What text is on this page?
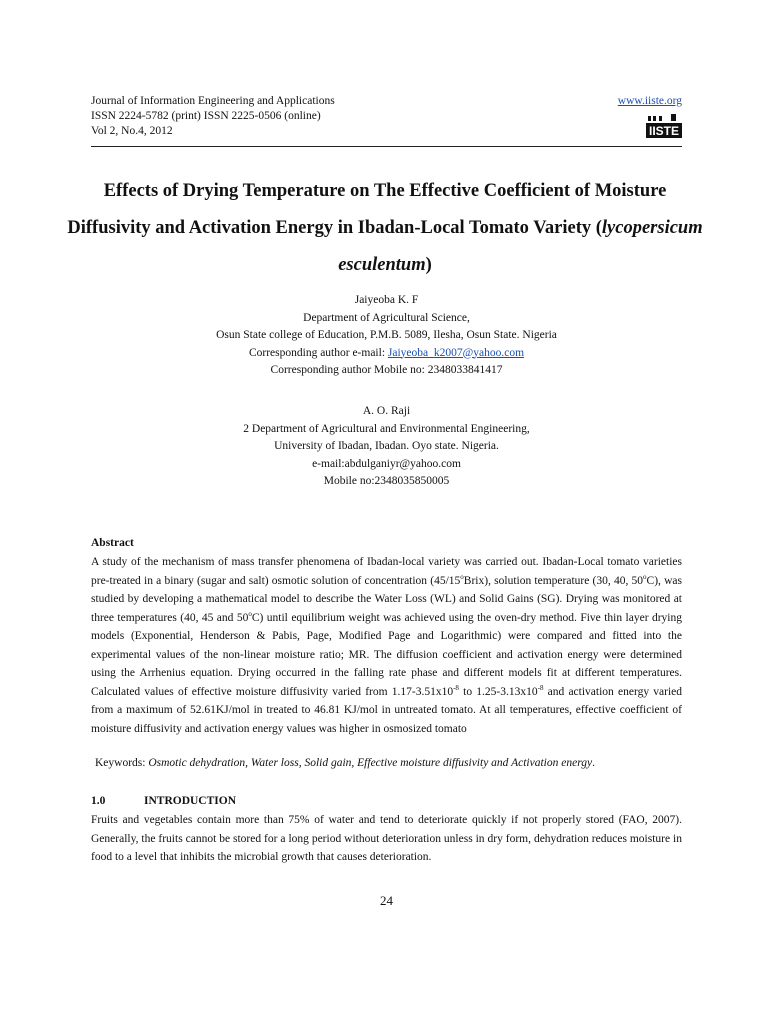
Journal of Information Engineering and Applications
ISSN 2224-5782 (print) ISSN 2225-0506 (online)
Vol 2, No.4, 2012
www.iiste.org
IISTE
Effects of Drying Temperature on The Effective Coefficient of Moisture Diffusivity and Activation Energy in Ibadan-Local Tomato Variety (lycopersicum esculentum)
Jaiyeoba K. F
Department of Agricultural Science,
Osun State college of Education, P.M.B. 5089, Ilesha, Osun State. Nigeria
Corresponding author e-mail: Jaiyeoba_k2007@yahoo.com
Corresponding author Mobile no: 2348033841417
A. O. Raji
2 Department of Agricultural and Environmental Engineering,
University of Ibadan, Ibadan. Oyo state. Nigeria.
e-mail:abdulganiyr@yahoo.com
Mobile no:2348035850005
Abstract
A study of the mechanism of mass transfer phenomena of Ibadan-local variety was carried out. Ibadan-Local tomato varieties pre-treated in a binary (sugar and salt) osmotic solution of concentration (45/15$^o$Brix), solution temperature (30, 40, 50$^o$C), was studied by developing a mathematical model to describe the Water Loss (WL) and Solid Gains (SG). Drying was monitored at three temperatures (40, 45 and 50$^o$C) until equilibrium weight was achieved using the oven-dry method. Five thin layer drying models (Exponential, Henderson & Pabis, Page, Modified Page and Logarithmic) were compared and fitted into the experimental values of the non-linear moisture ratio; MR. The diffusion coefficient and activation energy were determined using the Arrhenius equation. Drying occurred in the falling rate phase and different models fit at different temperatures. Calculated values of effective moisture diffusivity varied from $1.17-3.51x10^{-8}$ to $1.25-3.13x10^{-8}$ and activation energy varied from a maximum of 52.61KJ/mol in treated to 46.81 KJ/mol in untreated tomato. At all temperatures, effective coefficient of moisture diffusivity and activation energy values was higher in osmosized tomato
Keywords: Osmotic dehydration, Water loss, Solid gain, Effective moisture diffusivity and Activation energy.
1.0	INTRODUCTION
Fruits and vegetables contain more than 75% of water and tend to deteriorate quickly if not properly stored (FAO, 2007). Generally, the fruits cannot be stored for a long period without deterioration unless in dry form, dehydration reduces moisture in food to a level that inhibits the microbial growth that causes deterioration.
24
